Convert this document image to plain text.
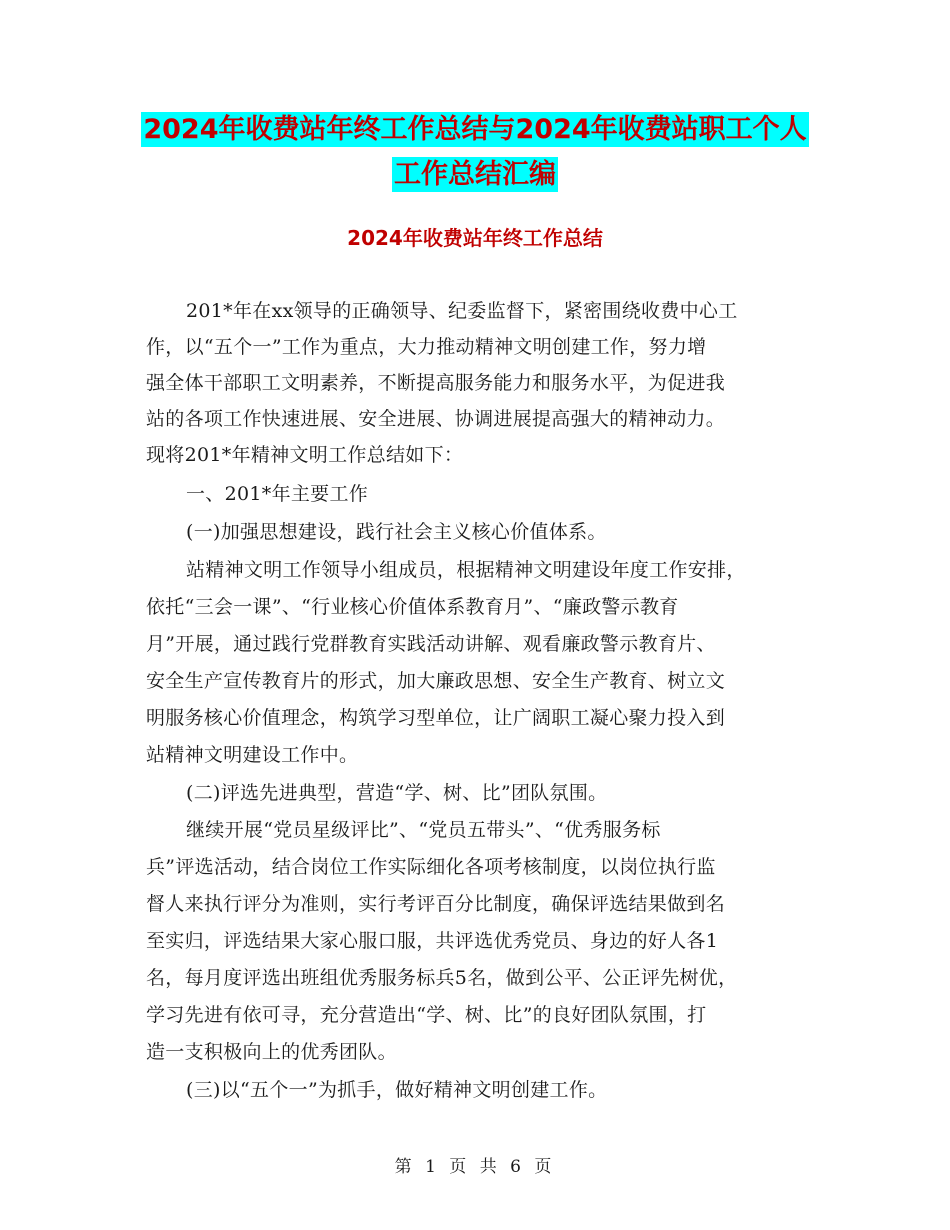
2024年收费站年终工作总结与2024年收费站职工个人
工作总结汇编
2024年收费站年终工作总结
201*年在xx领导的正确领导、纪委监督下，紧密围绕收费中心工
作，以“五个一”工作为重点，大力推动精神文明创建工作，努力增
强全体干部职工文明素养，不断提高服务能力和服务水平，为促进我
站的各项工作快速进展、安全进展、协调进展提高强大的精神动力。
现将201*年精神文明工作总结如下：
一、201*年主要工作
(一)加强思想建设，践行社会主义核心价值体系。
站精神文明工作领导小组成员，根据精神文明建设年度工作安排，
依托“三会一课”、“行业核心价值体系教育月”、“廉政警示教育
月”开展，通过践行党群教育实践活动讲解、观看廉政警示教育片、
安全生产宣传教育片的形式，加大廉政思想、安全生产教育、树立文
明服务核心价值理念，构筑学习型单位，让广阔职工凝心聚力投入到
站精神文明建设工作中。
(二)评选先进典型，营造“学、树、比”团队氛围。
继续开展“党员星级评比”、“党员五带头”、“优秀服务标
兵”评选活动，结合岗位工作实际细化各项考核制度，以岗位执行监
督人来执行评分为准则，实行考评百分比制度，确保评选结果做到名
至实归，评选结果大家心服口服，共评选优秀党员、身边的好人各1
名，每月度评选出班组优秀服务标兵5名，做到公平、公正评先树优，
学习先进有依可寻，充分营造出“学、树、比”的良好团队氛围，打
造一支积极向上的优秀团队。
(三)以“五个一”为抓手，做好精神文明创建工作。
第 1 页 共 6 页
